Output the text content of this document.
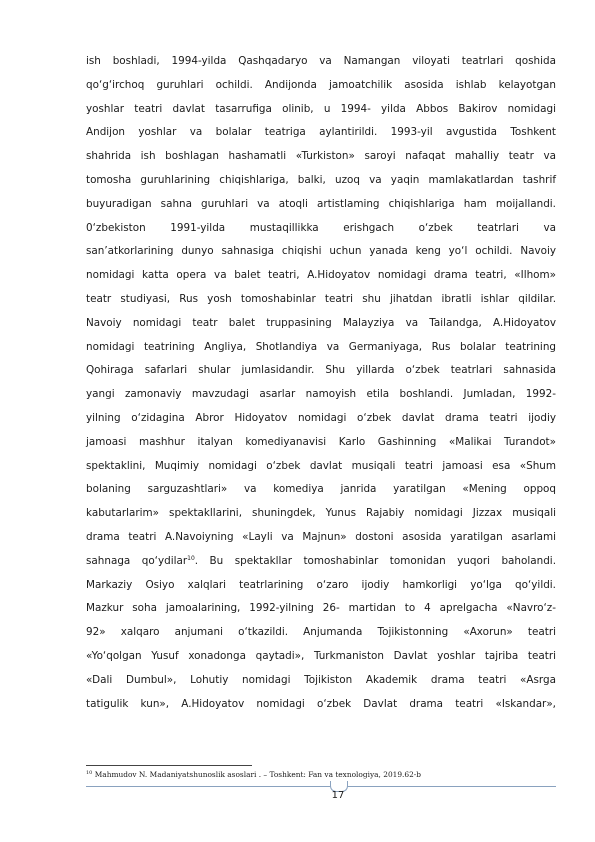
ish boshladi, 1994-yilda Qashqadaryo va Namangan viloyati teatrlari qoshida
qo‘g‘irchoq guruhlari ochildi. Andijonda jamoatchilik asosida ishlab kelayotgan
yoshlar teatri davlat tasarrufiga olinib, u 1994- yilda Abbos Bakirov nomidagi
Andijon yoshlar va bolalar teatriga aylantirildi. 1993-yil avgustida Toshkent
shahrida ish boshlagan hashamatli «Turkiston» saroyi nafaqat mahalliy teatr va
tomosha guruhlarining chiqishlariga, balki, uzoq va yaqin mamlakatlardan tashrif
buyuradigan sahna guruhlari va atoqli artistlaming chiqishlariga ham moijallandi.
0‘zbekiston 1991-yilda mustaqillikka erishgach o‘zbek teatrlari va
san’atkorlarining dunyo sahnasiga chiqishi uchun yanada keng yo‘l ochildi. Navoiy
nomidagi katta opera va balet teatri, A.Hidoyatov nomidagi drama teatri, «Ilhom»
teatr studiyasi, Rus yosh tomoshabinlar teatri shu jihatdan ibratli ishlar qildilar.
Navoiy nomidagi teatr balet truppasining Malayziya va Tailandga, A.Hidoyatov
nomidagi teatrining Angliya, Shotlandiya va Germaniyaga, Rus bolalar teatrining
Qohiraga safarlari shular jumlasidandir. Shu yillarda o‘zbek teatrlari sahnasida
yangi zamonaviy mavzudagi asarlar namoyish etila boshlandi. Jumladan, 1992-
yilning o‘zidagina Abror Hidoyatov nomidagi o‘zbek davlat drama teatri ijodiy
jamoasi mashhur italyan komediyanavisi Karlo Gashinning «Malikai Turandot»
spektaklini, Muqimiy nomidagi o‘zbek davlat musiqali teatri jamoasi esa «Shum
bolaning sarguzashtlari» va komediya janrida yaratilgan «Mening oppoq
kabutarlarim» spektakllarini, shuningdek, Yunus Rajabiy nomidagi Jizzax musiqali
drama teatri A.Navoiyning «Layli va Majnun» dostoni asosida yaratilgan asarlami
sahnaga qo‘ydilar$^{10}$. Bu spektakllar tomoshabinlar tomonidan yuqori baholandi.
Markaziy Osiyo xalqlari teatrlarining o‘zaro ijodiy hamkorligi yo‘lga qo‘yildi.
Mazkur soha jamoalarining, 1992-yilning 26- martidan to 4 aprelgacha «Navro‘z-
92» xalqaro anjumani o‘tkazildi. Anjumanda Tojikistonning «Axorun» teatri
«Yo‘qolgan Yusuf xonadonga qaytadi», Turkmaniston Davlat yoshlar tajriba teatri
«Dali Dumbul», Lohutiy nomidagi Tojikiston Akademik drama teatri «Asrga
tatigulik kun», A.Hidoyatov nomidagi o‘zbek Davlat drama teatri «Iskandar»,
$^{10}$ Mahmudov N. Madaniyatshunoslik asoslari . – Toshkent: Fan va texnologiya, 2019.62-b
17
